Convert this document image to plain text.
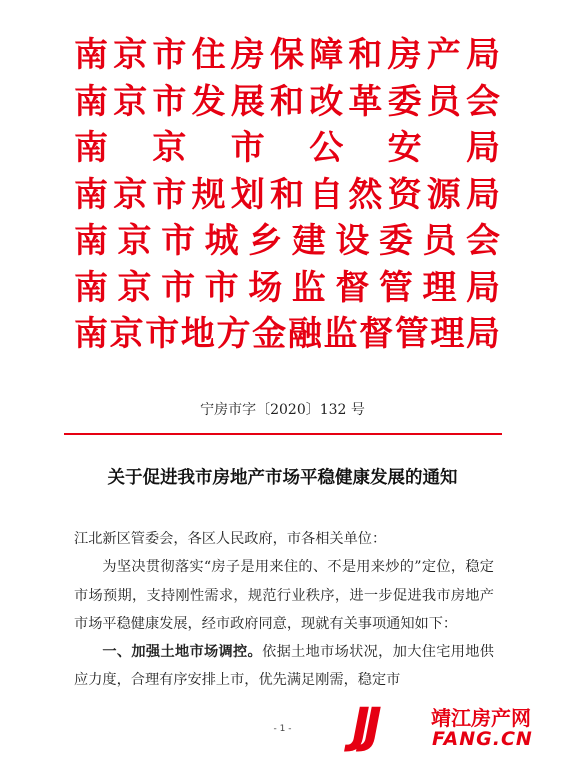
南京市住房保障和房产局
南京市发展和改革委员会
南京市公安局
南京市规划和自然资源局
南京市城乡建设委员会
南京市市场监督管理局
南京市地方金融监督管理局
宁房市字〔2020〕132 号
关于促进我市房地产市场平稳健康发展的通知

江北新区管委会，各区人民政府，市各相关单位：

为坚决贯彻落实“房子是用来住的、不是用来炒的”定位，稳定市场预期，支持刚性需求，规范行业秩序，进一步促进我市房地产市场平稳健康发展，经市政府同意，现就有关事项通知如下：

一、加强土地市场调控。依据土地市场状况，加大住宅用地供应力度，合理有序安排上市，优先满足刚需，稳定市

- 1 -	JJ	靖江房产网
FANG.CN
